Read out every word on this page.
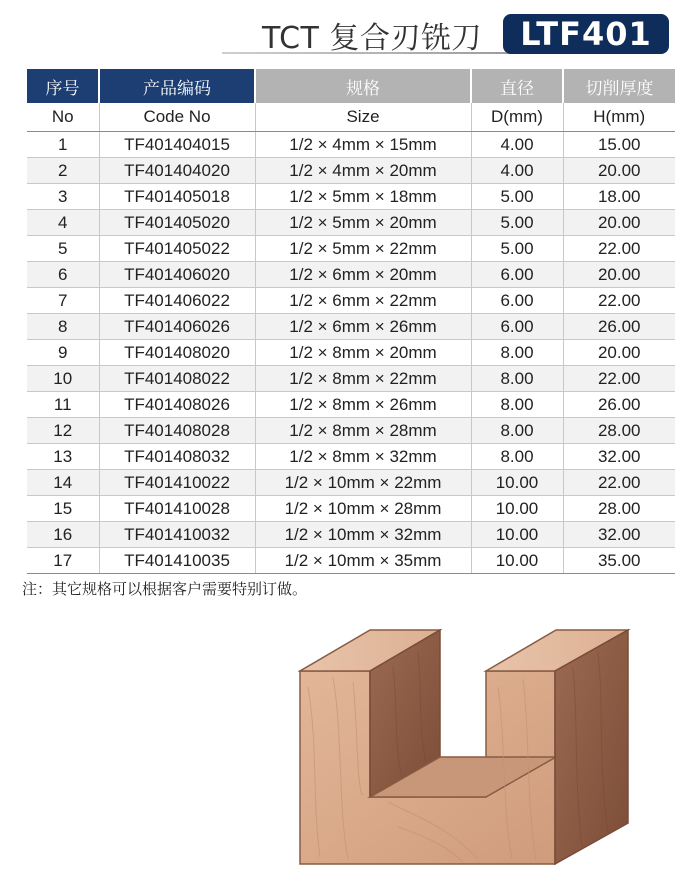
TCT 复合刃铣刀	LTF401
序号	产品编码	规格	直径	切削厚度
No	Code No	Size	D(mm)	H(mm)
1	TF401404015	1/2 × 4mm × 15mm	4.00	15.00
2	TF401404020	1/2 × 4mm × 20mm	4.00	20.00
3	TF401405018	1/2 × 5mm × 18mm	5.00	18.00
4	TF401405020	1/2 × 5mm × 20mm	5.00	20.00
5	TF401405022	1/2 × 5mm × 22mm	5.00	22.00
6	TF401406020	1/2 × 6mm × 20mm	6.00	20.00
7	TF401406022	1/2 × 6mm × 22mm	6.00	22.00
8	TF401406026	1/2 × 6mm × 26mm	6.00	26.00
9	TF401408020	1/2 × 8mm × 20mm	8.00	20.00
10	TF401408022	1/2 × 8mm × 22mm	8.00	22.00
11	TF401408026	1/2 × 8mm × 26mm	8.00	26.00
12	TF401408028	1/2 × 8mm × 28mm	8.00	28.00
13	TF401408032	1/2 × 8mm × 32mm	8.00	32.00
14	TF401410022	1/2 × 10mm × 22mm	10.00	22.00
15	TF401410028	1/2 × 10mm × 28mm	10.00	28.00
16	TF401410032	1/2 × 10mm × 32mm	10.00	32.00
17	TF401410035	1/2 × 10mm × 35mm	10.00	35.00
注：其它规格可以根据客户需要特别订做。
